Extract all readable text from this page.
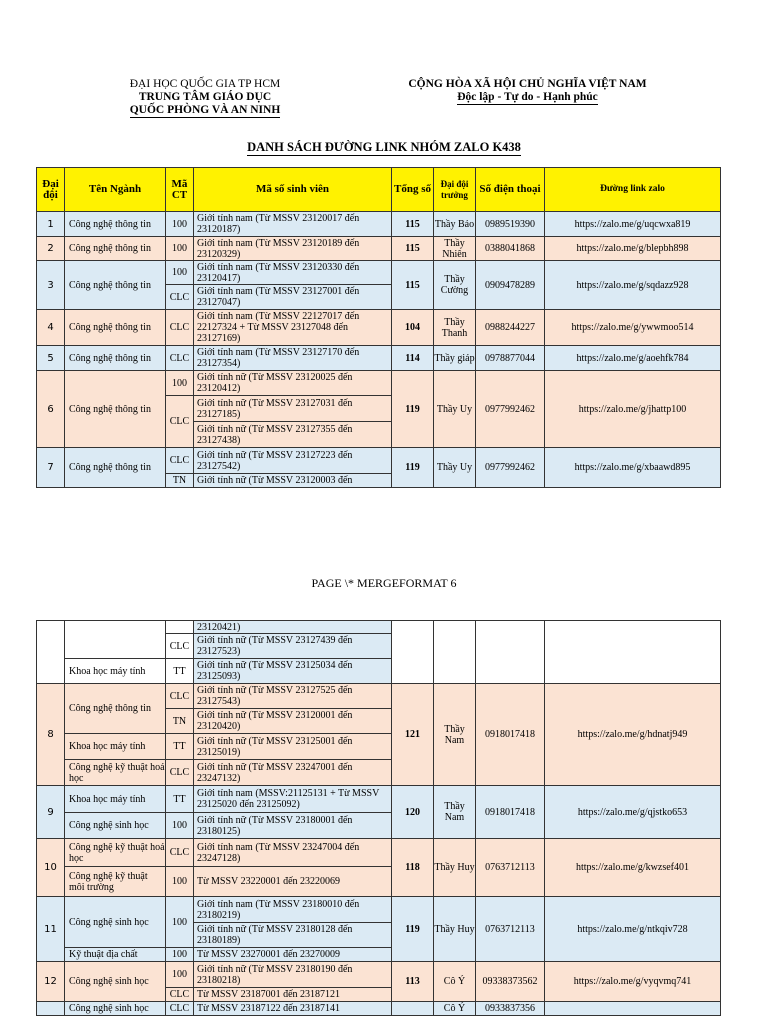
ĐẠI HỌC QUỐC GIA TP HCM
TRUNG TÂM GIÁO DỤC
QUỐC PHÒNG VÀ AN NINH
CỘNG HÒA XÃ HỘI CHỦ NGHĨA VIỆT NAM
Độc lập - Tự do - Hạnh phúc
DANH SÁCH ĐƯỜNG LINK NHÓM ZALO K438
Đại đội	Tên Ngành	Mã CT	Mã số sinh viên	Tổng số	Đại đội trưởng	Số điện thoại	Đường link zalo
1	Công nghệ thông tin	100	Giới tính nam (Từ MSSV 23120017 đến 23120187)	115	Thầy Bảo	0989519390	https://zalo.me/g/uqcwxa819
2	Công nghệ thông tin	100	Giới tính nam (Từ MSSV 23120189 đến 23120329)	115	Thầy Nhiên	0388041868	https://zalo.me/g/blepbh898
3	Công nghệ thông tin	100	Giới tính nam (Từ MSSV 23120330 đến 23120417)	115	Thầy Cường	0909478289	https://zalo.me/g/sqdazz928
		CLC	Giới tính nam (Từ MSSV 23127001 đến 23127047)				
4	Công nghệ thông tin	CLC	Giới tính nam (Từ MSSV 22127017 đến 22127324 + Từ MSSV 23127048 đến 23127169)	104	Thầy Thanh	0988244227	https://zalo.me/g/ywwmoo514
5	Công nghệ thông tin	CLC	Giới tính nam (Từ MSSV 23127170 đến 23127354)	114	Thầy giáp	0978877044	https://zalo.me/g/aoehfk784
6	Công nghệ thông tin	100	Giới tính nữ (Từ MSSV 23120025 đến 23120412)	119	Thầy Uy	0977992462	https://zalo.me/g/jhattp100
		CLC	Giới tính nữ (Từ MSSV 23127031 đến 23127185)				
			Giới tính nữ (Từ MSSV 23127355 đến 23127438)				
7	Công nghệ thông tin	CLC	Giới tính nữ (Từ MSSV 23127223 đến 23127542)	119	Thầy Uy	0977992462	https://zalo.me/g/xbaawd895
		TN	Giới tính nữ (Từ MSSV 23120003 đến				
PAGE \* MERGEFORMAT 6
			23120421)				
		CLC	Giới tính nữ (Từ MSSV 23127439 đến 23127523)				
	Khoa học máy tính	TT	Giới tính nữ (Từ MSSV 23125034 đến 23125093)				
8	Công nghệ thông tin	CLC	Giới tính nữ (Từ MSSV 23127525 đến 23127543)	121	Thầy Nam	0918017418	https://zalo.me/g/hdnatj949
		TN	Giới tính nữ (Từ MSSV 23120001 đến 23120420)				
	Khoa học máy tính	TT	Giới tính nữ (Từ MSSV 23125001 đến 23125019)				
	Công nghệ kỹ thuật hoá học	CLC	Giới tính nữ (Từ MSSV 23247001 đến 23247132)				
9	Khoa học máy tính	TT	Giới tính nam (MSSV:21125131 + Từ MSSV 23125020 đến 23125092)	120	Thầy Nam	0918017418	https://zalo.me/g/qjstko653
	Công nghệ sinh học	100	Giới tính nữ (Từ MSSV 23180001 đến 23180125)				
10	Công nghệ kỹ thuật hoá học	CLC	Giới tính nam (Từ MSSV 23247004 đến 23247128)	118	Thầy Huy	0763712113	https://zalo.me/g/kwzsef401
	Công nghệ kỹ thuật môi trường	100	Từ MSSV 23220001 đến 23220069				
11	Công nghệ sinh học	100	Giới tính nam (Từ MSSV 23180010 đến 23180219)	119	Thầy Huy	0763712113	https://zalo.me/g/ntkqiv728
			Giới tính nữ (Từ MSSV 23180128 đến 23180189)				
	Kỹ thuật địa chất	100	Từ MSSV 23270001 đến 23270009				
12	Công nghệ sinh học	100	Giới tính nữ (Từ MSSV 23180190 đến 23180218)	113	Cô Ý	09338373562	https://zalo.me/g/vyqvmq741
		CLC	Từ MSSV 23187001 đến 23187121				
	Công nghệ sinh học	CLC	Từ MSSV 23187122 đến 23187141		Cô Ý	0933837356	
